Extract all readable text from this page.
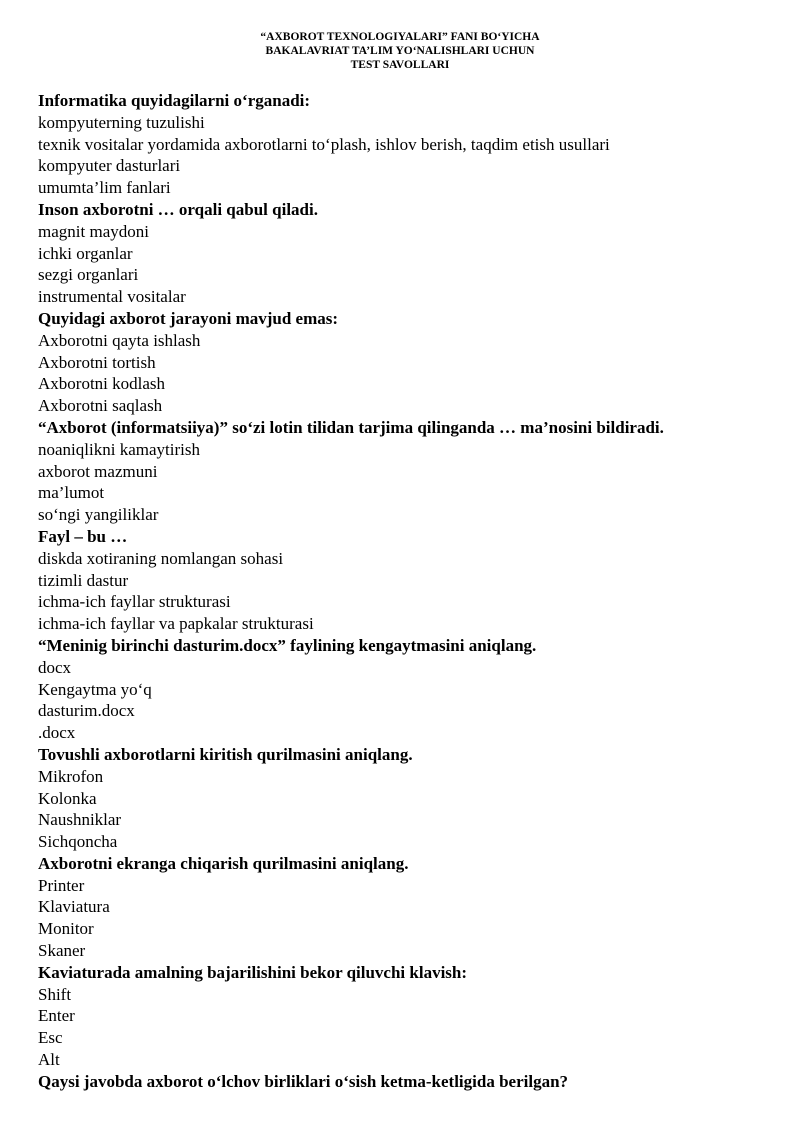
“AXBOROT TEXNOLOGIYALARI” FANI BO‘YICHA
BAKALAVRIAT TA’LIM YO‘NALISHLARI UCHUN
TEST SAVOLLARI
Informatika quyidagilarni o‘rganadi:
kompyuterning tuzulishi
texnik vositalar yordamida axborotlarni to‘plash, ishlov berish, taqdim etish usullari
kompyuter dasturlari
umumta’lim fanlari
Inson axborotni … orqali qabul qiladi.
magnit maydoni
ichki organlar
sezgi organlari
instrumental vositalar
Quyidagi axborot jarayoni mavjud emas:
Axborotni qayta ishlash
Axborotni tortish
Axborotni kodlash
Axborotni saqlash
“Axborot (informatsiiya)” so‘zi lotin tilidan tarjima qilinganda … ma’nosini bildiradi.
noaniqlikni kamaytirish
axborot mazmuni
ma’lumot
so‘ngi yangiliklar
Fayl – bu …
diskda xotiraning nomlangan sohasi
tizimli dastur
ichma-ich fayllar strukturasi
ichma-ich fayllar va papkalar strukturasi
“Meninig birinchi dasturim.docx” faylining kengaytmasini aniqlang.
docx
Kengaytma yo‘q
dasturim.docx
.docx
Tovushli axborotlarni kiritish qurilmasini aniqlang.
Mikrofon
Kolonka
Naushniklar
Sichqoncha
Axborotni ekranga chiqarish qurilmasini aniqlang.
Printer
Klaviatura
Monitor
Skaner
Kaviaturada amalning bajarilishini bekor qiluvchi klavish:
Shift
Enter
Esc
Alt
Qaysi javobda axborot o‘lchov birliklari o‘sish ketma-ketligida berilgan?
